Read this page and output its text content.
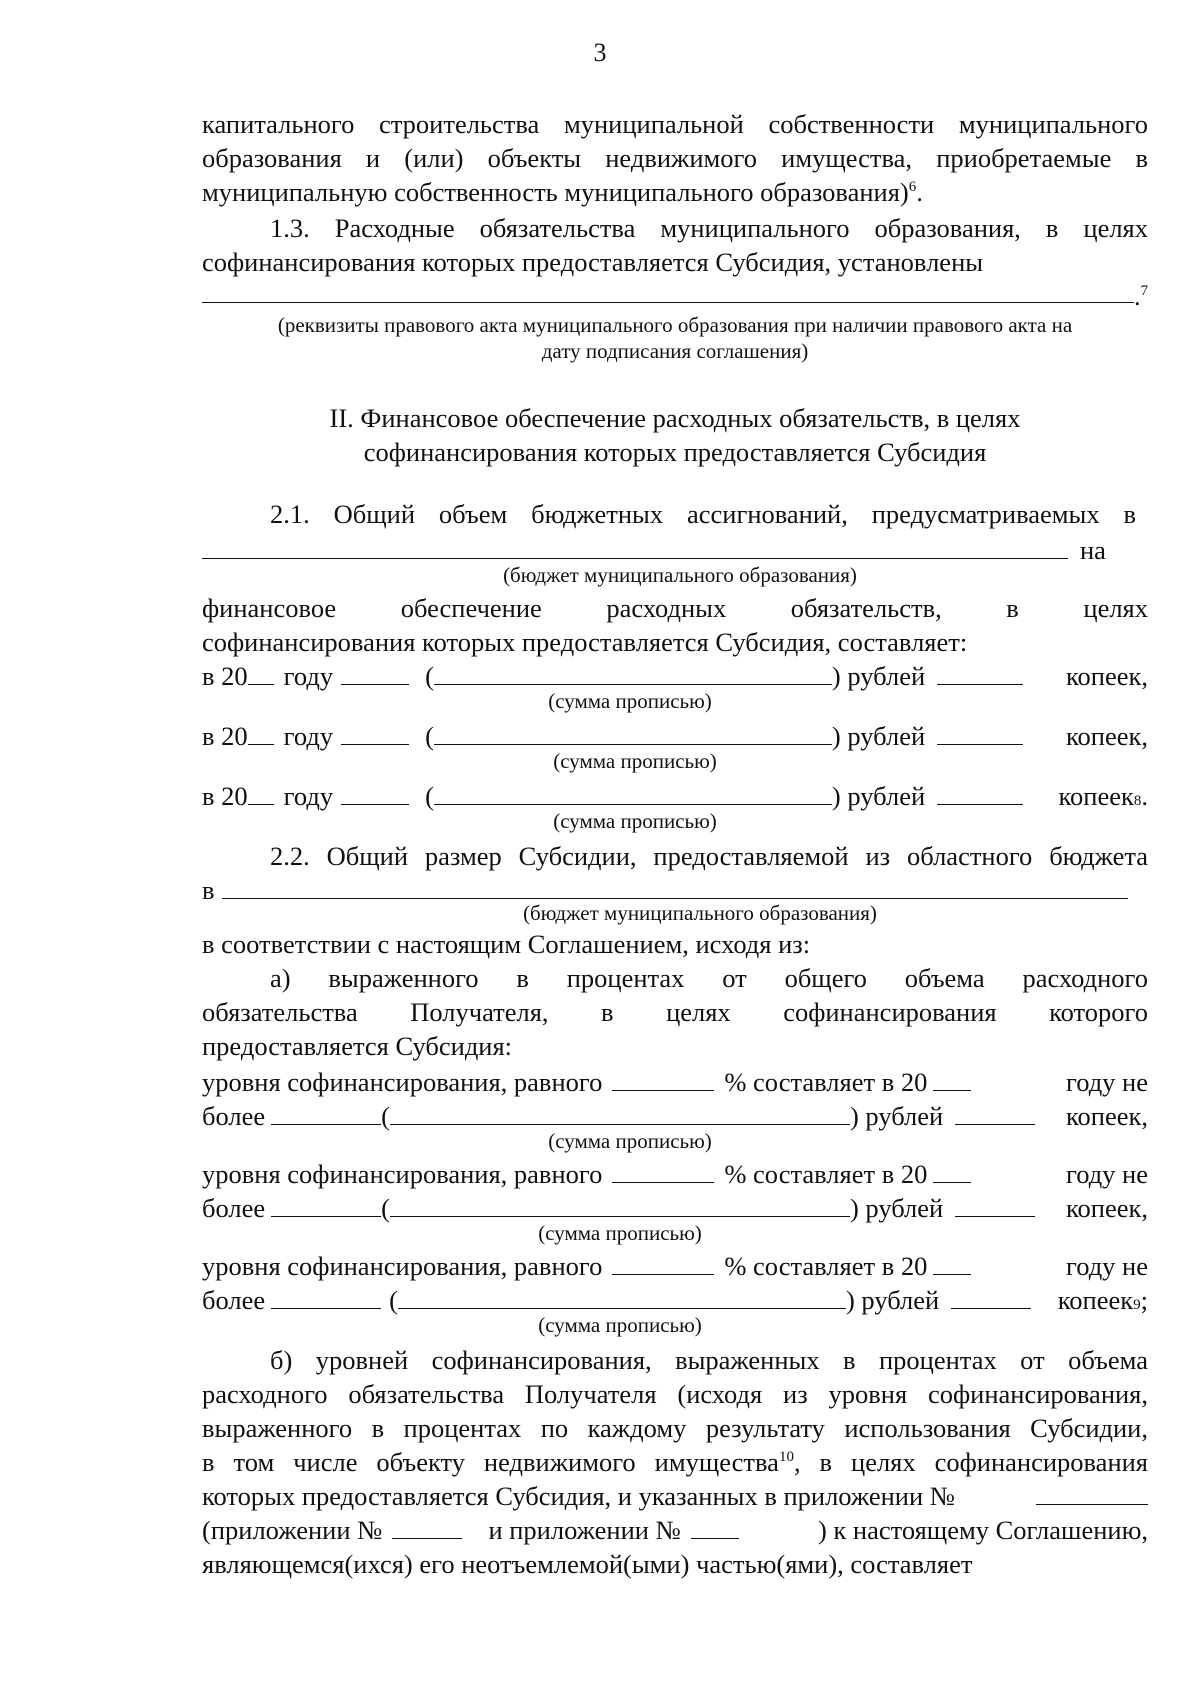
3
капитального строительства муниципальной собственности муниципального
образования и (или) объекты недвижимого имущества, приобретаемые в
муниципальную собственность муниципального образования)$^6$.
1.3. Расходные обязательства муниципального образования, в целях
софинансирования которых предоставляется Субсидия, установлены
.$^7$
(реквизиты правового акта муниципального образования при наличии правового акта на
дату подписания соглашения)
II. Финансовое обеспечение расходных обязательств, в целях
софинансирования которых предоставляется Субсидия
2.1. Общий объем бюджетных ассигнований, предусматриваемых в
на
(бюджет муниципального образования)
финансовое обеспечение расходных обязательств, в целях
софинансирования которых предоставляется Субсидия, составляет:
в 20 году	(	) рублей	копеек,
(сумма прописью)
в 20 году	(	) рублей	копеек,
(сумма прописью)
в 20 году	(	) рублей	копеек 8 .
(сумма прописью)
2.2. Общий размер Субсидии, предоставляемой из областного бюджета
в
(бюджет муниципального образования)
в соответствии с настоящим Соглашением, исходя из:
а) выраженного в процентах от общего объема расходного
обязательства Получателя, в целях софинансирования которого
предоставляется Субсидия:
уровня софинансирования, равного	% составляет в 20	году не
более	(	) рублей	копеек,
(сумма прописью)
уровня софинансирования, равного	% составляет в 20	году не
более	(	) рублей	копеек,
(сумма прописью)
уровня софинансирования, равного	% составляет в 20	году не
более	(	) рублей	копеек 9 ;
(сумма прописью)
б) уровней софинансирования, выраженных в процентах от объема
расходного обязательства Получателя (исходя из уровня софинансирования,
выраженного в процентах по каждому результату использования Субсидии,
в том числе объекту недвижимого имущества$^{10}$, в целях софинансирования
которых предоставляется Субсидия, и указанных в приложении №
(приложении №	и приложении №	) к настоящему Соглашению,
являющемся(ихся) его неотъемлемой(ыми) частью(ями), составляет
